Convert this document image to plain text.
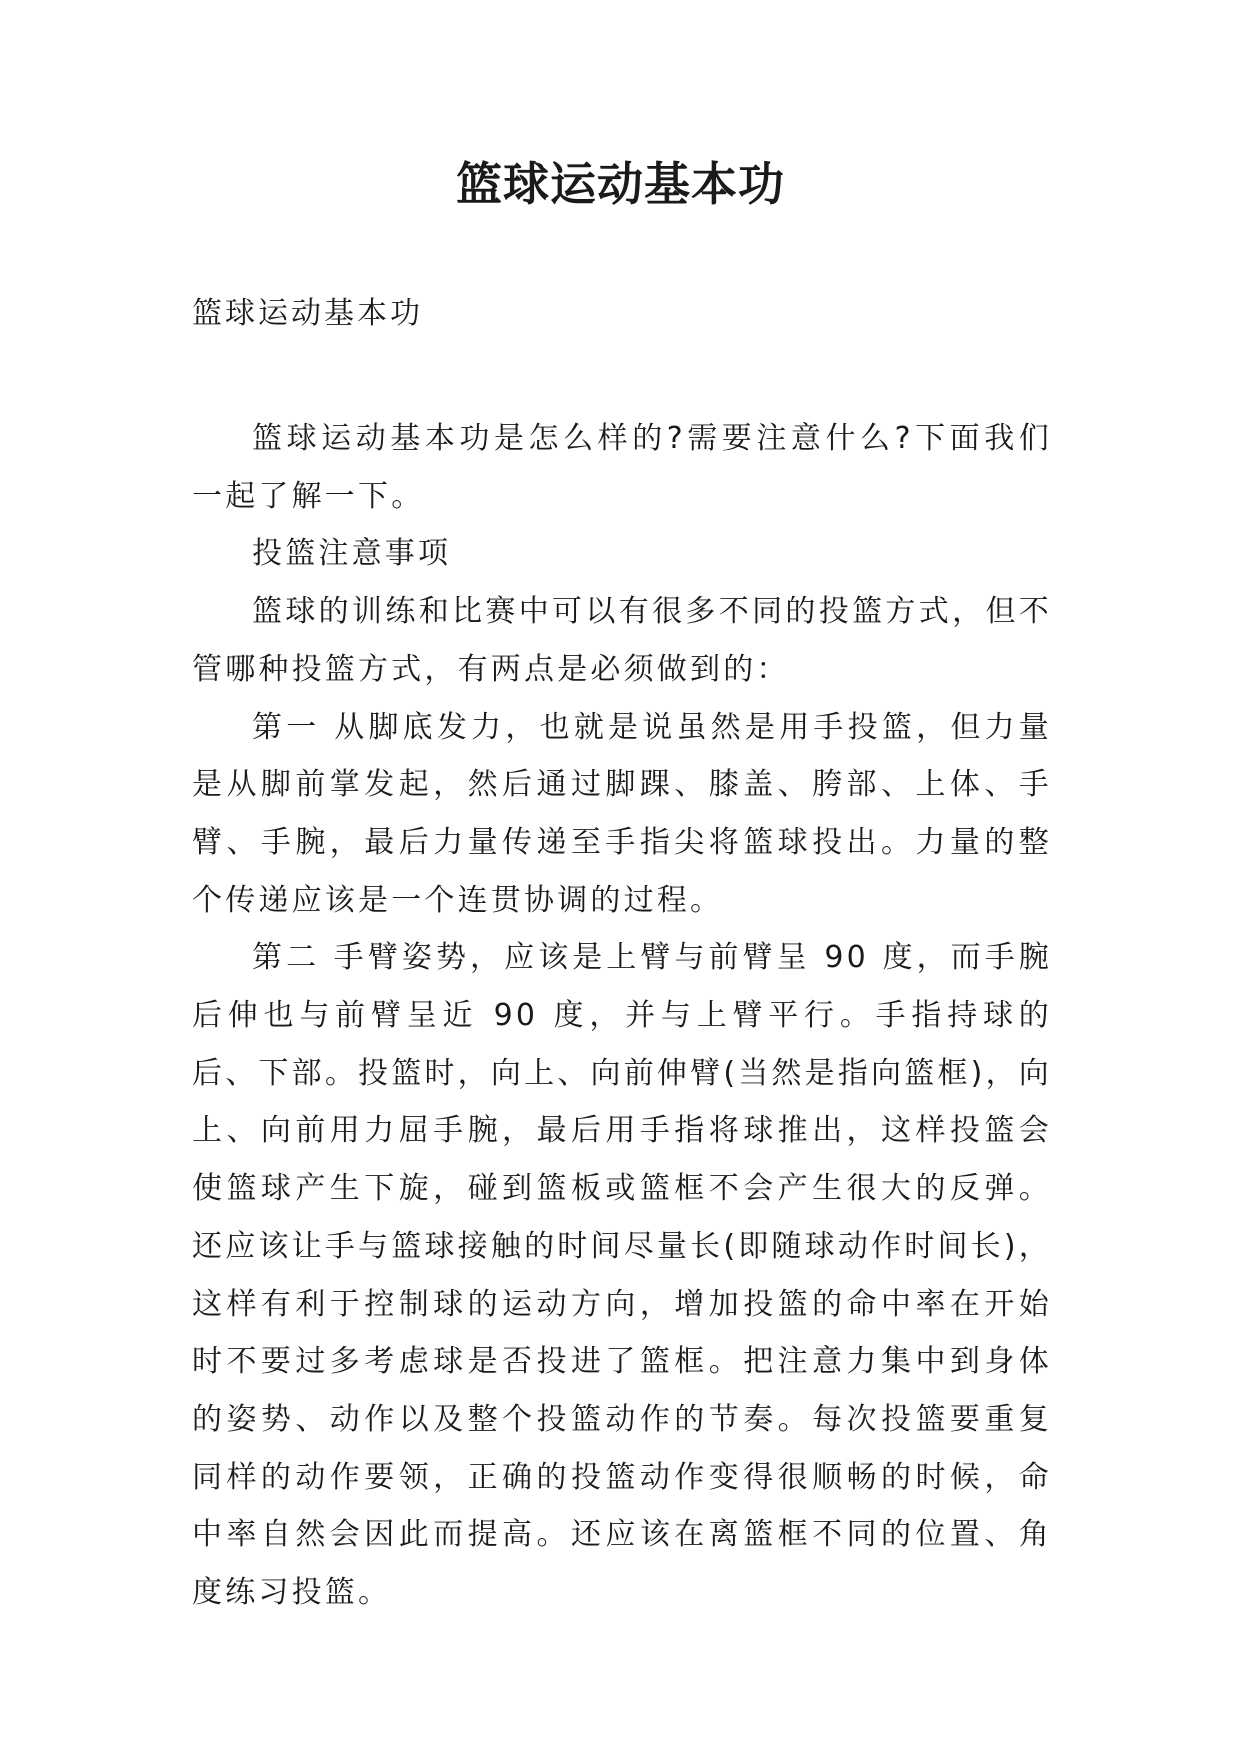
篮球运动基本功
篮球运动基本功

篮球运动基本功是怎么样的?需要注意什么?下面我们一起了解一下。

投篮注意事项

篮球的训练和比赛中可以有很多不同的投篮方式，但不管哪种投篮方式，有两点是必须做到的：

第一 从脚底发力，也就是说虽然是用手投篮，但力量是从脚前掌发起，然后通过脚踝、膝盖、胯部、上体、手臂、手腕，最后力量传递至手指尖将篮球投出。力量的整个传递应该是一个连贯协调的过程。

第二 手臂姿势，应该是上臂与前臂呈 90 度，而手腕后伸也与前臂呈近 90 度，并与上臂平行。手指持球的后、下部。投篮时，向上、向前伸臂(当然是指向篮框)，向上、向前用力屈手腕，最后用手指将球推出，这样投篮会使篮球产生下旋，碰到篮板或篮框不会产生很大的反弹。还应该让手与篮球接触的时间尽量长(即随球动作时间长)，这样有利于控制球的运动方向，增加投篮的命中率在开始时不要过多考虑球是否投进了篮框。把注意力集中到身体的姿势、动作以及整个投篮动作的节奏。每次投篮要重复同样的动作要领，正确的投篮动作变得很顺畅的时候，命中率自然会因此而提高。还应该在离篮框不同的位置、角度练习投篮。
